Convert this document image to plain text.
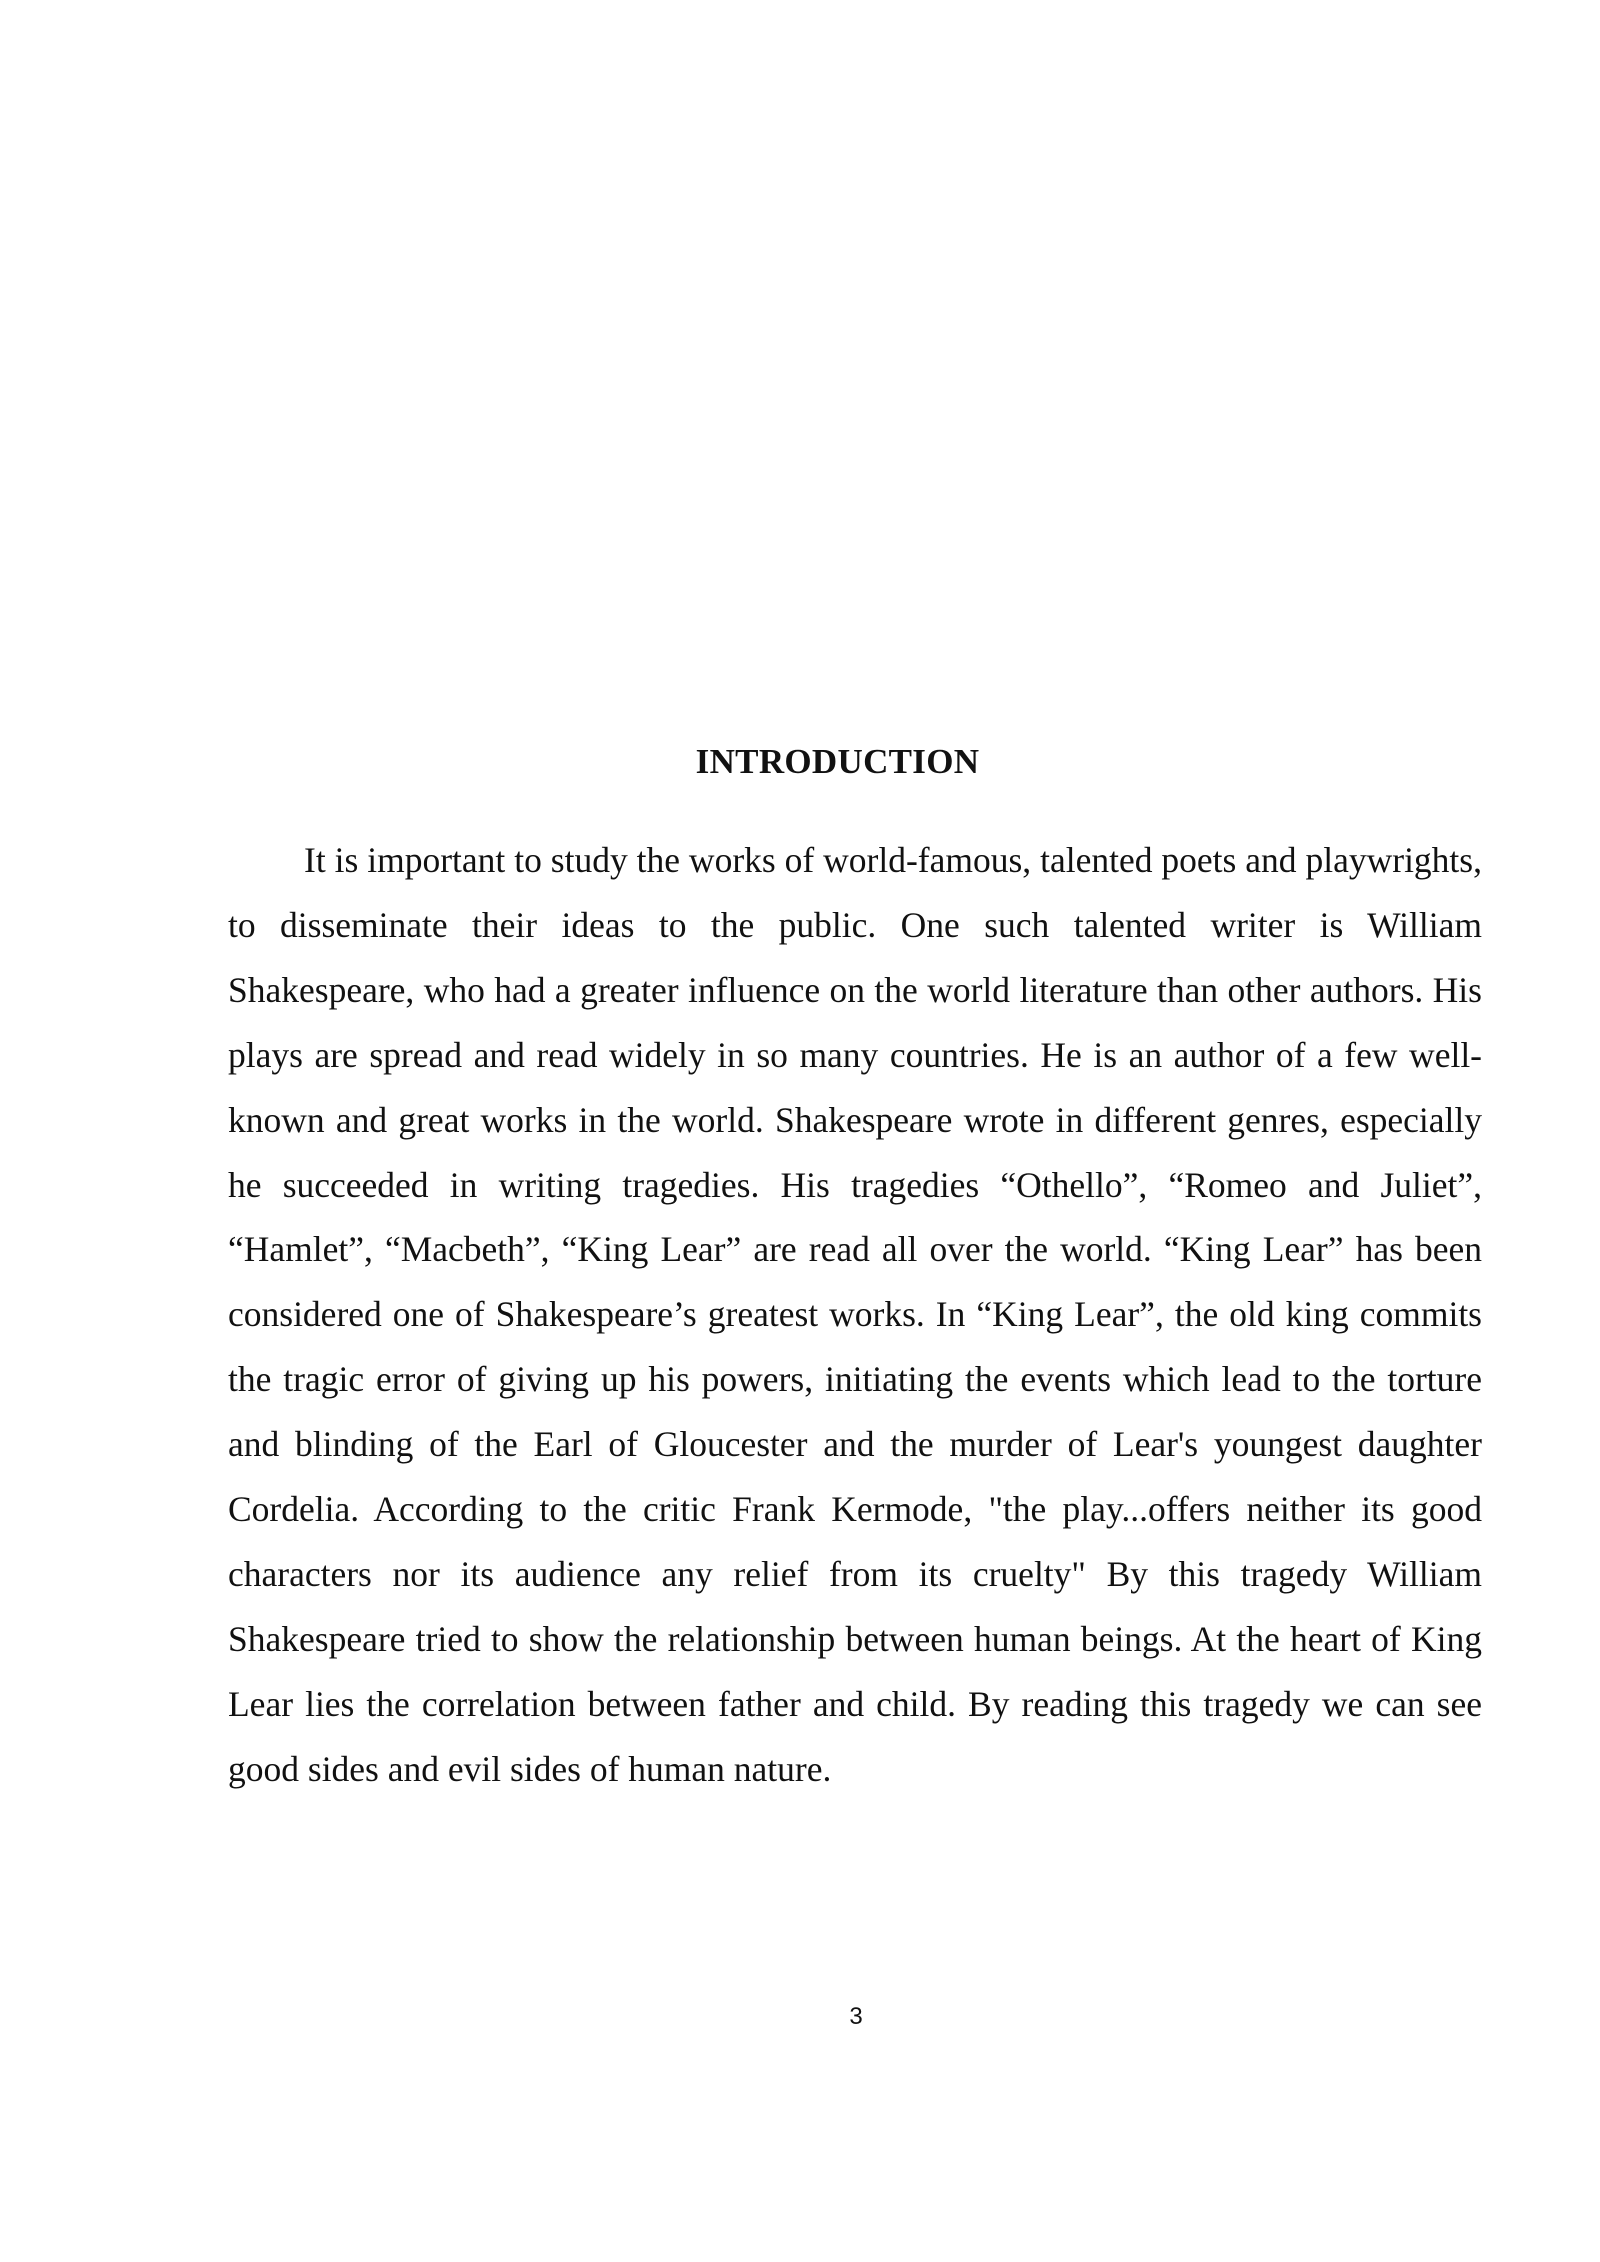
INTRODUCTION

It is important to study the works of world-famous, talented poets and playwrights, to disseminate their ideas to the public. One such talented writer is William Shakespeare, who had a greater influence on the world literature than other authors. His plays are spread and read widely in so many countries. He is an author of a few well-known and great works in the world. Shakespeare wrote in different genres, especially he succeeded in writing tragedies. His tragedies “Othello”, “Romeo and Juliet”, “Hamlet”, “Macbeth”, “King Lear” are read all over the world. “King Lear” has been considered one of Shakespeare’s greatest works. In “King Lear”, the old king commits the tragic error of giving up his powers, initiating the events which lead to the torture and blinding of the Earl of Gloucester and the murder of Lear's youngest daughter Cordelia. According to the critic Frank Kermode, "the play...offers neither its good characters nor its audience any relief from its cruelty" By this tragedy William Shakespeare tried to show the relationship between human beings. At the heart of King Lear lies the correlation between father and child. By reading this tragedy we can see good sides and evil sides of human nature.

3
